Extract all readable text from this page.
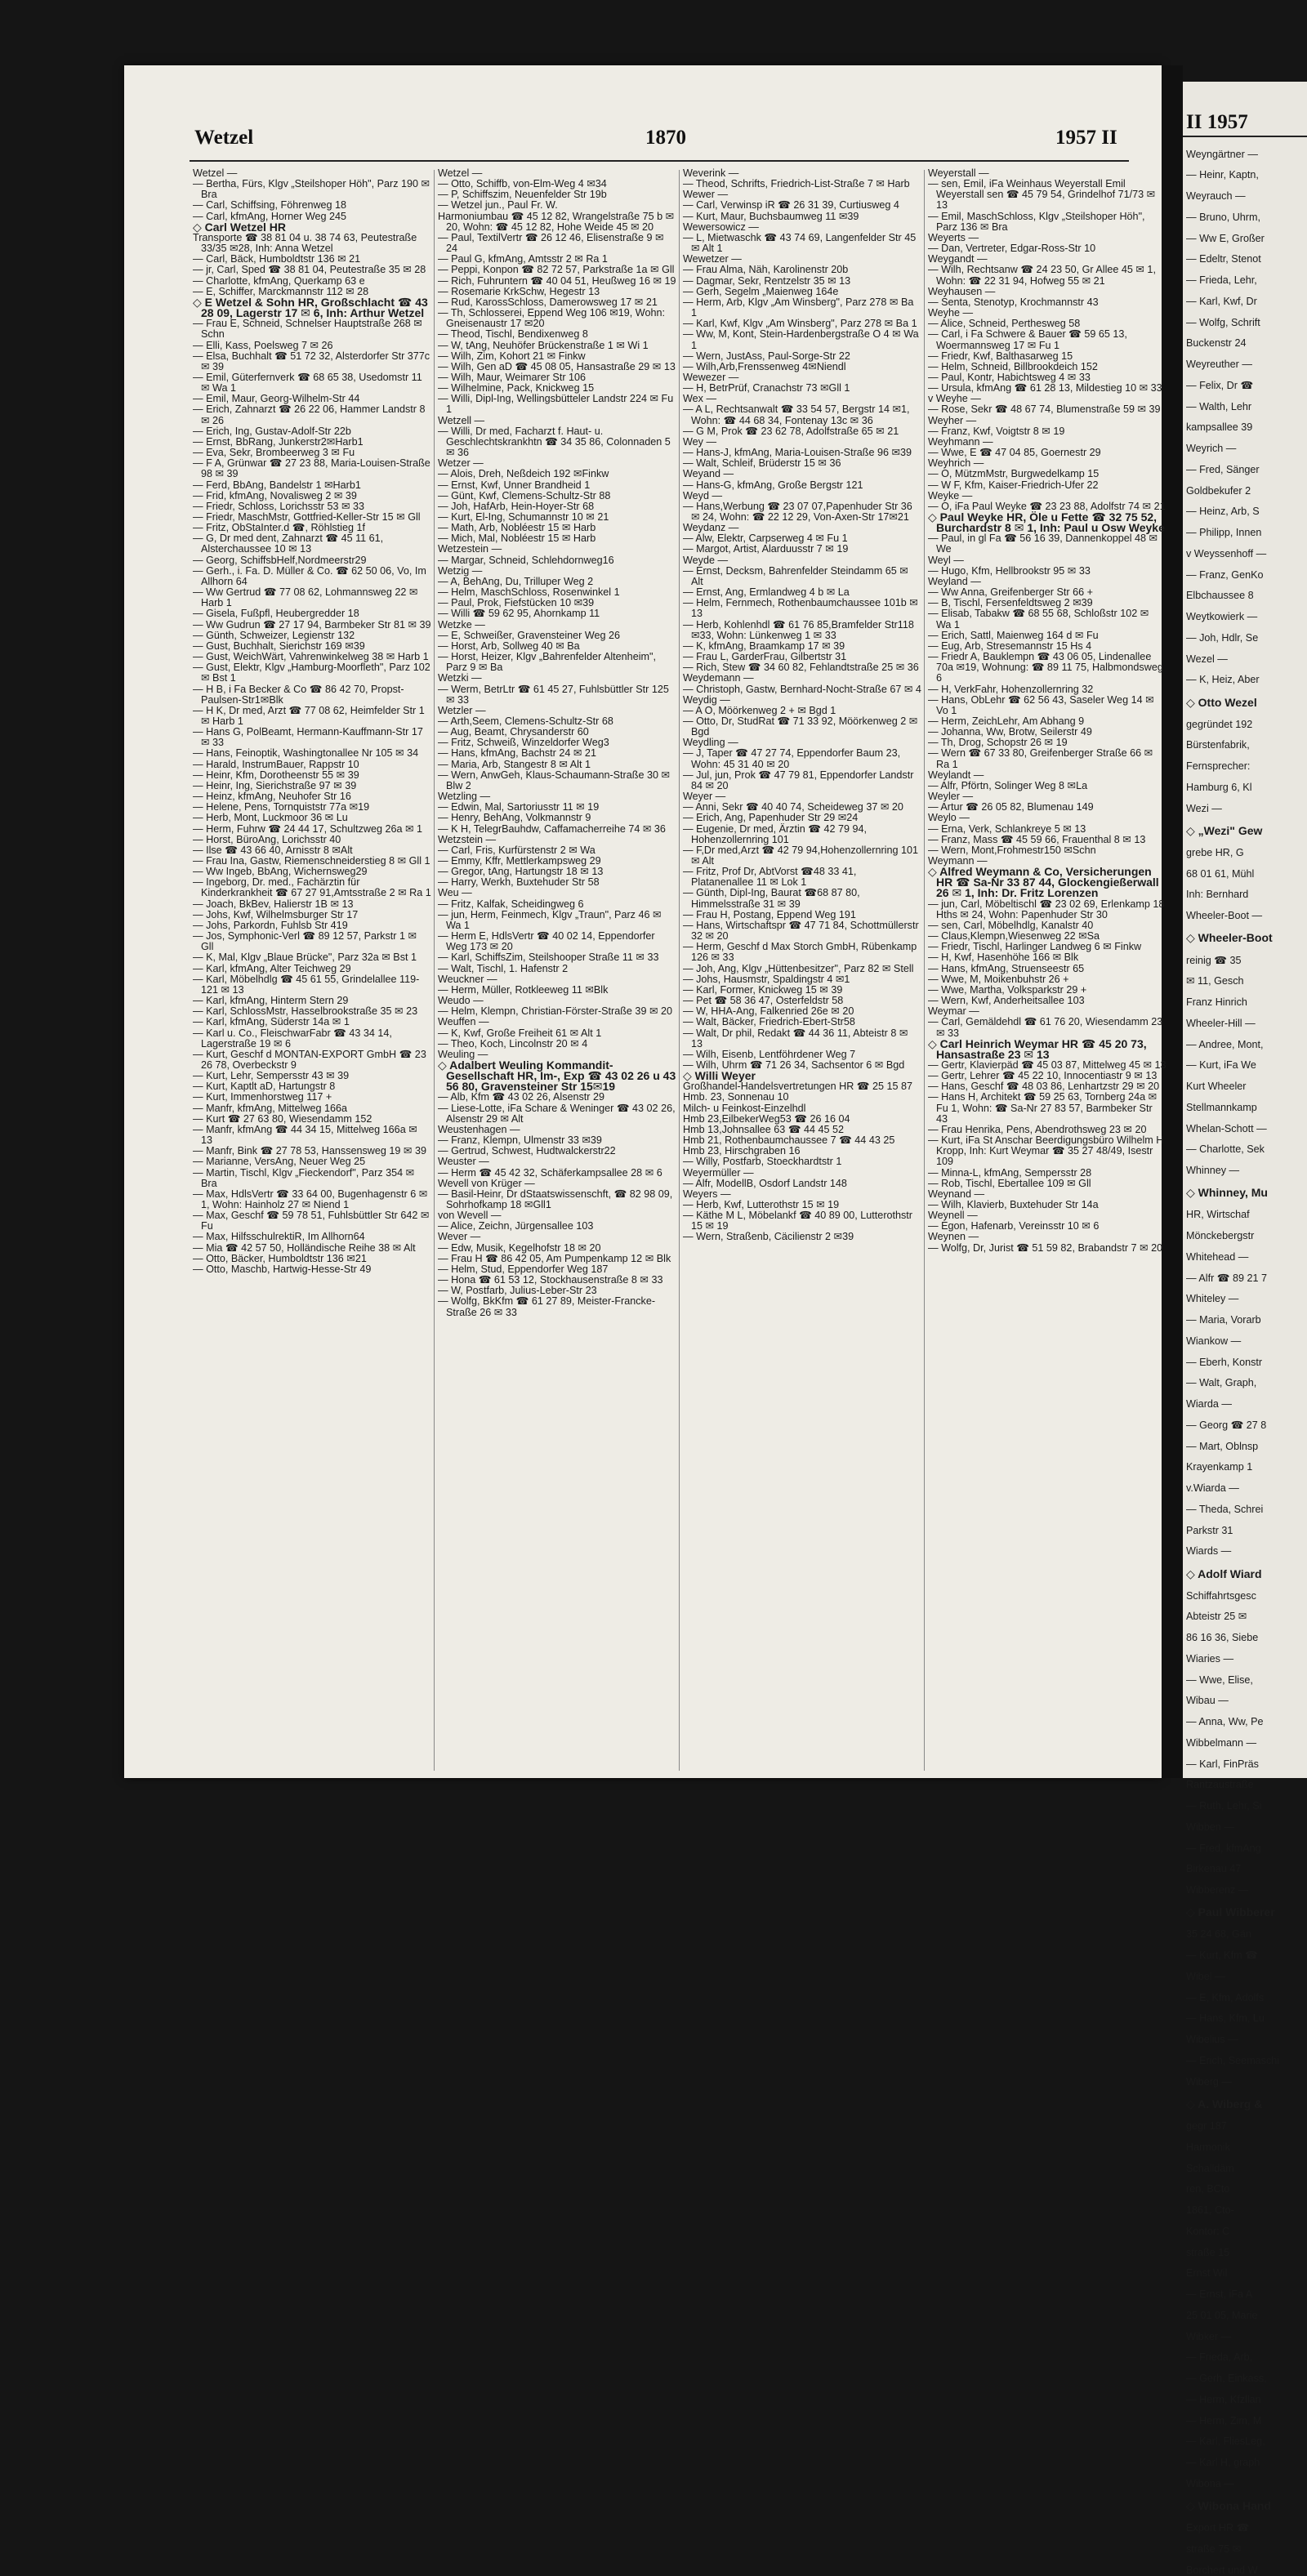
II 1957

Weyngärtner —

— Heinr, Kaptn,

Weyrauch —

— Bruno, Uhrm,

— Ww E, Großer

— Edeltr, Stenot

— Frieda, Lehr,

— Karl, Kwf, Dr

— Wolfg, Schrift

Buckenstr 24

Weyreuther —

— Felix, Dr ☎

— Walth, Lehr

kampsallee 39

Weyrich —

— Fred, Sänger

Goldbekufer 2

— Heinz, Arb, S

— Philipp, Innen

v Weyssenhoff —

— Franz, GenKo

Elbchaussee 8

Weytkowierk —

— Joh, Hdlr, Se

Wezel —

— K, Heiz, Aber

◇ Otto Wezel

gegründet 192

Bürstenfabrik,

Fernsprecher:

Hamburg 6, Kl

Wezi —

◇ „Wezi" Gew

grebe HR, G

68 01 61, Mühl

Inh: Bernhard

Wheeler-Boot —

◇ Wheeler-Boot

reinig ☎ 35

✉ 11, Gesch

Franz Hinrich

Wheeler-Hill —

— Andree, Mont,

— Kurt, iFa We

Kurt Wheeler

Stellmannkamp

Whelan-Schott —

— Charlotte, Sek

Whinney —

◇ Whinney, Mu

HR, Wirtschaf

Mönckebergstr

Whitehead —

— Alfr ☎ 89 21 7

Whiteley —

— Maria, Vorarb

Wiankow —

— Eberh, Konstr

— Walt, Graph,

Wiarda —

— Georg ☎ 27 8

— Mart, Oblnsp

Krayenkamp 1

v.Wiarda —

— Theda, Schrei

Parkstr 31

Wiards —

◇ Adolf Wiard

Schiffahrtsgesc

Abteistr 25 ✉

86 16 36, Siebe

Wiaries —

— Wwe, Elise,

Wibau —

— Anna, Ww, Pe

Wibbelmann —

— Karl, FinPräs

Rantzaustraße

— Ruth, Lehr, Si

Wibben —

— Fred, kfmAng

Birkenau 47

Wibberenz —

◇ Paul Wibberer

35 24 68, Gän

— Kurt, Kfm ☎

Wibel —

— E, Kfm, Adolfs

— Hans, Kfm, Lu

Wibelius —

— Erich, Seemaschi

Wiberg —

◇ A. Wiberg &

gegr 187

Harmonik

Schalldäm

ren, BCto

1861, Cto-

Kontor: C

straße 15

Ernst Wil

— Ernst, iFa A

25 01 05, Marie

Wibker —

— Frieda, Arb,

— Gerh, Einkass,

— Herm, Kfzllan

— Herm, Zim, M

— Karl, FliesLeg,

— Karl H, graph

Wibona —

◇ Wibona Hand

Export HR ☎

straße 75 ✉

Borchert und W

Wetzel	1870	1957 II

Wetzel —

— Bertha, Fürs, Klgv „Steilshoper Höh", Parz 190 ✉ Bra

— Carl, Schiffsing, Föhrenweg 18

— Carl, kfmAng, Horner Weg 245

◇ Carl Wetzel HR

Transporte ☎ 38 81 04 u. 38 74 63, Peutestraße 33/35 ✉28, Inh: Anna Wetzel

— Carl, Bäck, Humboldtstr 136 ✉ 21

— jr, Carl, Sped ☎ 38 81 04, Peutestraße 35 ✉ 28

— Charlotte, kfmAng, Querkamp 63 e

— E, Schiffer, Marckmannstr 112 ✉ 28

◇ E Wetzel & Sohn HR, Großschlacht ☎ 43 28 09, Lagerstr 17 ✉ 6, Inh: Arthur Wetzel

— Frau E, Schneid, Schnelser Hauptstraße 268 ✉ Schn

— Elli, Kass, Poelsweg 7 ✉ 26

— Elsa, Buchhalt ☎ 51 72 32, Alsterdorfer Str 377c ✉ 39

— Emil, Güterfernverk ☎ 68 65 38, Usedomstr 11 ✉ Wa 1

— Emil, Maur, Georg-Wilhelm-Str 44

— Erich, Zahnarzt ☎ 26 22 06, Hammer Landstr 8 ✉ 26

— Erich, Ing, Gustav-Adolf-Str 22b

— Ernst, BbRang, Junkerstr2✉Harb1

— Eva, Sekr, Brombeerweg 3 ✉ Fu

— F A, Grünwar ☎ 27 23 88, Maria-Louisen-Straße 98 ✉ 39

— Ferd, BbAng, Bandelstr 1 ✉Harb1

— Frid, kfmAng, Novalisweg 2 ✉ 39

— Friedr, Schloss, Lorichsstr 53 ✉ 33

— Friedr, MaschMstr, Gottfried-Keller-Str 15 ✉ Gll

— Fritz, ObStaInter.d ☎, Röhlstieg 1f

— G, Dr med dent, Zahnarzt ☎ 45 11 61, Alsterchaussee 10 ✉ 13

— Georg, SchiffsbHelf,Nordmeerstr29

— Gerh., i. Fa. D. Müller & Co. ☎ 62 50 06, Vo, Im Allhorn 64

— Ww Gertrud ☎ 77 08 62, Lohmannsweg 22 ✉ Harb 1

— Gisela, Fußpfl, Heubergredder 18

— Ww Gudrun ☎ 27 17 94, Barmbeker Str 81 ✉ 39

— Günth, Schweizer, Legienstr 132

— Gust, Buchhalt, Sierichstr 169 ✉39

— Gust, WeichWärt, Vahrenwinkelweg 38 ✉ Harb 1

— Gust, Elektr, Klgv „Hamburg-Moorfleth", Parz 102 ✉ Bst 1

— H B, i Fa Becker & Co ☎ 86 42 70, Propst-Paulsen-Str1✉Blk

— H K, Dr med, Arzt ☎ 77 08 62, Heimfelder Str 1 ✉ Harb 1

— Hans G, PolBeamt, Hermann-Kauffmann-Str 17 ✉ 33

— Hans, Feinoptik, Washingtonallee Nr 105 ✉ 34

— Harald, InstrumBauer, Rappstr 10

— Heinr, Kfm, Dorotheenstr 55 ✉ 39

— Heinr, Ing, Sierichstraße 97 ✉ 39

— Heinz, kfmAng, Neuhofer Str 16

— Helene, Pens, Tornquiststr 77a ✉19

— Herb, Mont, Luckmoor 36 ✉ Lu

— Herm, Fuhrw ☎ 24 44 17, Schultzweg 26a ✉ 1

— Horst, BüroAng, Lorichsstr 40

— Ilse ☎ 43 66 40, Arnisstr 8 ✉Alt

— Frau Ina, Gastw, Riemenschneiderstieg 8 ✉ Gll 1

— Ww Ingeb, BbAng, Wichernsweg29

— Ingeborg, Dr. med., Fachärztin für Kinderkrankheit ☎ 67 27 91,Amtsstraße 2 ✉ Ra 1

— Joach, BkBev, Halierstr 1B ✉ 13

— Johs, Kwf, Wilhelmsburger Str 17

— Johs, Parkordn, Fuhlsb Str 419

— Jos, Symphonic-Verl ☎ 89 12 57, Parkstr 1 ✉ Gll

— K, Mal, Klgv „Blaue Brücke", Parz 32a ✉ Bst 1

— Karl, kfmAng, Alter Teichweg 29

— Karl, Möbelhdlg ☎ 45 61 55, Grindelallee 119-121 ✉ 13

— Karl, kfmAng, Hinterm Stern 29

— Karl, SchlossMstr, Hasselbrookstraße 35 ✉ 23

— Karl, kfmAng, Süderstr 14a ✉ 1

— Karl u. Co., FleischwarFabr ☎ 43 34 14, Lagerstraße 19 ✉ 6

— Kurt, Geschf d MONTAN-EXPORT GmbH ☎ 23 26 78, Overbeckstr 9

— Kurt, Lehr, Sempersstr 43 ✉ 39

— Kurt, Kaptlt aD, Hartungstr 8

— Kurt, Immenhorstweg 117 +

— Manfr, kfmAng, Mittelweg 166a

— Kurt ☎ 27 63 80, Wiesendamm 152

— Manfr, kfmAng ☎ 44 34 15, Mittelweg 166a ✉ 13

— Manfr, Bink ☎ 27 78 53, Hanssensweg 19 ✉ 39

— Marianne, VersAng, Neuer Weg 25

— Martin, Tischl, Klgv „Fieckendorf", Parz 354 ✉ Bra

— Max, HdlsVertr ☎ 33 64 00, Bugenhagenstr 6 ✉ 1, Wohn: Hainholz 27 ✉ Niend 1

— Max, Geschf ☎ 59 78 51, Fuhlsbüttler Str 642 ✉ Fu

— Max, HilfsschulrektiR, Im Allhorn64

— Mia ☎ 42 57 50, Holländische Reihe 38 ✉ Alt

— Otto, Bäcker, Humboldtstr 136 ✉21

— Otto, Maschb, Hartwig-Hesse-Str 49

Wetzel —

— Otto, Schiffb, von-Elm-Weg 4 ✉34

— P, Schiffszim, Neuenfelder Str 19b

— Wetzel jun., Paul Fr. W.

Harmoniumbau ☎ 45 12 82, Wrangelstraße 75 b ✉ 20, Wohn: ☎ 45 12 82, Hohe Weide 45 ✉ 20

— Paul, TextilVertr ☎ 26 12 46, Elisenstraße 9 ✉ 24

— Paul G, kfmAng, Amtsstr 2 ✉ Ra 1

— Peppi, Konpon ☎ 82 72 57, Parkstraße 1a ✉ Gll

— Rich, Fuhruntern ☎ 40 04 51, Heußweg 16 ✉ 19

— Rosemarie KrkSchw, Hegestr 13

— Rud, KarossSchloss, Damerowsweg 17 ✉ 21

— Th, Schlosserei, Eppend Weg 106 ✉19, Wohn: Gneisenaustr 17 ✉20

— Theod, Tischl, Bendixenweg 8

— W, tAng, Neuhöfer Brückenstraße 1 ✉ Wi 1

— Wilh, Zim, Kohort 21 ✉ Finkw

— Wilh, Gen aD ☎ 45 08 05, Hansastraße 29 ✉ 13

— Wilh, Maur, Weimarer Str 106

— Wilhelmine, Pack, Knickweg 15

— Willi, Dipl-Ing, Wellingsbütteler Landstr 224 ✉ Fu 1

Wetzell —

— Willi, Dr med, Facharzt f. Haut- u. Geschlechtskrankhtn ☎ 34 35 86, Colonnaden 5 ✉ 36

Wetzer —

— Alois, Dreh, Neßdeich 192 ✉Finkw

— Ernst, Kwf, Unner Brandheid 1

— Günt, Kwf, Clemens-Schultz-Str 88

— Joh, HafArb, Hein-Hoyer-Str 68

— Kurt, El-Ing, Schumannstr 10 ✉ 21

— Math, Arb, Nobléestr 15 ✉ Harb

— Mich, Mal, Nobléestr 15 ✉ Harb

Wetzestein —

— Margar, Schneid, Schlehdornweg16

Wetzig —

— A, BehAng, Du, Trilluper Weg 2

— Helm, MaschSchloss, Rosenwinkel 1

— Paul, Prok, Fiefstücken 10 ✉39

— Willi ☎ 59 62 95, Ahornkamp 11

Wetzke —

— E, Schweißer, Gravensteiner Weg 26

— Horst, Arb, Sollweg 40 ✉ Ba

— Horst, Heizer, Klgv „Bahrenfelder Altenheim", Parz 9 ✉ Ba

Wetzki —

— Werm, BetrLtr ☎ 61 45 27, Fuhlsbüttler Str 125 ✉ 33

Wetzler —

— Arth,Seem, Clemens-Schultz-Str 68

— Aug, Beamt, Chrysanderstr 60

— Fritz, Schweiß, Winzeldorfer Weg3

— Hans, kfmAng, Bachstr 24 ✉ 21

— Maria, Arb, Stangestr 8 ✉ Alt 1

— Wern, AnwGeh, Klaus-Schaumann-Straße 30 ✉ Blw 2

Wetzling —

— Edwin, Mal, Sartoriusstr 11 ✉ 19

— Henry, BehAng, Volkmannstr 9

— K H, TelegrBauhdw, Caffamacherreihe 74 ✉ 36

Wetzstein —

— Carl, Fris, Kurfürstenstr 2 ✉ Wa

— Emmy, Kffr, Mettlerkampsweg 29

— Gregor, tAng, Hartungstr 18 ✉ 13

— Harry, Werkh, Buxtehuder Str 58

Weu —

— Fritz, Kalfak, Scheidingweg 6

— jun, Herm, Feinmech, Klgv „Traun", Parz 46 ✉ Wa 1

— Herm E, HdlsVertr ☎ 40 02 14, Eppendorfer Weg 173 ✉ 20

— Karl, SchiffsZim, Steilshooper Straße 11 ✉ 33

— Walt, Tischl, 1. Hafenstr 2

Weuckner —

— Herm, Müller, Rotkleeweg 11 ✉Blk

Weudo —

— Helm, Klempn, Christian-Förster-Straße 39 ✉ 20

Weuffen —

— K, Kwf, Große Freiheit 61 ✉ Alt 1

— Theo, Koch, Lincolnstr 20 ✉ 4

Weuling —

◇ Adalbert Weuling Kommandit-Gesellschaft HR, Im-, Exp ☎ 43 02 26 u 43 56 80, Gravensteiner Str 15✉19

— Alb, Kfm ☎ 43 02 26, Alsenstr 29

— Liese-Lotte, iFa Schare & Weninger ☎ 43 02 26, Alsenstr 29 ✉ Alt

Weustenhagen —

— Franz, Klempn, Ulmenstr 33 ✉39

— Gertrud, Schwest, Hudtwalckerstr22

Weuster —

— Herm ☎ 45 42 32, Schäferkampsallee 28 ✉ 6

Wevell von Krüger —

— Basil-Heinr, Dr dStaatswissenschft, ☎ 82 98 09, Sohrhofkamp 18 ✉Gll1

von Wevell —

— Alice, Zeichn, Jürgensallee 103

Wever —

— Edw, Musik, Kegelhofstr 18 ✉ 20

— Frau H ☎ 86 42 05, Am Pumpenkamp 12 ✉ Blk

— Helm, Stud, Eppendorfer Weg 187

— Hona ☎ 61 53 12, Stockhausenstraße 8 ✉ 33

— W, Postfarb, Julius-Leber-Str 23

— Wolfg, BkKfm ☎ 61 27 89, Meister-Francke-Straße 26 ✉ 33

Weverink —

— Theod, Schrifts, Friedrich-List-Straße 7 ✉ Harb

Wewer —

— Carl, Verwinsp iR ☎ 26 31 39, Curtiusweg 4

— Kurt, Maur, Buchsbaumweg 11 ✉39

Wewersowicz —

— L, Mietwaschk ☎ 43 74 69, Langenfelder Str 45 ✉ Alt 1

Wewetzer —

— Frau Alma, Näh, Karolinenstr 20b

— Dagmar, Sekr, Rentzelstr 35 ✉ 13

— Gerh, Segelm „Maienweg 164e

— Herm, Arb, Klgv „Am Winsberg", Parz 278 ✉ Ba 1

— Karl, Kwf, Klgv „Am Winsberg", Parz 278 ✉ Ba 1

— Ww, M, Kont, Stein-Hardenbergstraße O 4 ✉ Wa 1

— Wern, JustAss, Paul-Sorge-Str 22

— Wilh,Arb,Frenssenweg 4✉Niendl

Wewezer —

— H, BetrPrüf, Cranachstr 73 ✉Gll 1

Wex —

— A L, Rechtsanwalt ☎ 33 54 57, Bergstr 14 ✉1, Wohn: ☎ 44 68 34, Fontenay 13c ✉ 36

— G M, Prok ☎ 23 62 78, Adolfstraße 65 ✉ 21

Wey —

— Hans-J, kfmAng, Maria-Louisen-Straße 96 ✉39

— Walt, Schleif, Brüderstr 15 ✉ 36

Weyand —

— Hans-G, kfmAng, Große Bergstr 121

Weyd —

— Hans,Werbung ☎ 23 07 07,Papenhuder Str 36 ✉ 24, Wohn: ☎ 22 12 29, Von-Axen-Str 17✉21

Weydanz —

— Alw, Elektr, Carpserweg 4 ✉ Fu 1

— Margot, Artist, Alarduusstr 7 ✉ 19

Weyde —

— Ernst, Decksm, Bahrenfelder Steindamm 65 ✉ Alt

— Ernst, Ang, Ermlandweg 4 b ✉ La

— Helm, Fernmech, Rothenbaumchaussee 101b ✉ 13

— Herb, Kohlenhdl ☎ 61 76 85,Bramfelder Str118 ✉33, Wohn: Lünkenweg 1 ✉ 33

— K, kfmAng, Braamkamp 17 ✉ 39

— Frau L, GarderFrau, Gilbertstr 31

— Rich, Stew ☎ 34 60 82, Fehlandtstraße 25 ✉ 36

Weydemann —

— Christoph, Gastw, Bernhard-Nocht-Straße 67 ✉ 4

Weydig —

— A O, Möörkenweg 2 + ✉ Bgd 1

— Otto, Dr, StudRat ☎ 71 33 92, Möörkenweg 2 ✉ Bgd

Weydling —

— J, Taper ☎ 47 27 74, Eppendorfer Baum 23, Wohn: 45 31 40 ✉ 20

— Jul, jun, Prok ☎ 47 79 81, Eppendorfer Landstr 84 ✉ 20

Weyer —

— Anni, Sekr ☎ 40 40 74, Scheideweg 37 ✉ 20

— Erich, Ang, Papenhuder Str 29 ✉24

— Eugenie, Dr med, Ärztin ☎ 42 79 94, Hohenzollernring 101

— F,Dr med,Arzt ☎ 42 79 94,Hohenzollernring 101 ✉ Alt

— Fritz, Prof Dr, AbtVorst ☎48 33 41, Platanenallee 11 ✉ Lok 1

— Günth, Dipl-Ing, Baurat ☎68 87 80, Himmelsstraße 31 ✉ 39

— Frau H, Postang, Eppend Weg 191

— Hans, Wirtschaftspr ☎ 47 71 84, Schottmüllerstr 32 ✉ 20

— Herm, Geschf d Max Storch GmbH, Rübenkamp 126 ✉ 33

— Joh, Ang, Klgv „Hüttenbesitzer", Parz 82 ✉ Stell

— Johs, Hausmstr, Spaldingstr 4 ✉1

— Karl, Former, Knickweg 15 ✉ 39

— Pet ☎ 58 36 47, Osterfeldstr 58

— W, HHA-Ang, Falkenried 26e ✉ 20

— Walt, Bäcker, Friedrich-Ebert-Str58

— Walt, Dr phil, Redakt ☎ 44 36 11, Abteistr 8 ✉ 13

— Wilh, Eisenb, Lentföhrdener Weg 7

— Wilh, Uhrm ☎ 71 26 34, Sachsentor 6 ✉ Bgd

◇ Willi Weyer

Großhandel-Handelsvertretungen HR ☎ 25 15 87

Hmb. 23, Sonnenau 10

Milch- u Feinkost-Einzelhdl

Hmb 23,EilbekerWeg53 ☎ 26 16 04

Hmb 13,Johnsallee 63 ☎ 44 45 52

Hmb 21, Rothenbaumchaussee 7 ☎ 44 43 25

Hmb 23, Hirschgraben 16

— Willy, Postfarb, Stoeckhardtstr 1

Weyermüller —

— Alfr, ModellB, Osdorf Landstr 148

Weyers —

— Herb, Kwf, Lutterothstr 15 ✉ 19

— Käthe M L, Möbelankf ☎ 40 89 00, Lutterothstr 15 ✉ 19

— Wern, Straßenb, Cäcilienstr 2 ✉39

Weyerstall —

— sen, Emil, iFa Weinhaus Weyerstall Emil Weyerstall sen ☎ 45 79 54, Grindelhof 71/73 ✉ 13

— Emil, MaschSchloss, Klgv „Steilshoper Höh", Parz 136 ✉ Bra

Weyerts —

— Dan, Vertreter, Edgar-Ross-Str 10

Weygandt —

— Wilh, Rechtsanw ☎ 24 23 50, Gr Allee 45 ✉ 1, Wohn: ☎ 22 31 94, Hofweg 55 ✉ 21

Weyhausen —

— Senta, Stenotyp, Krochmannstr 43

Weyhe —

— Alice, Schneid, Perthesweg 58

— Carl, i Fa Schwere & Bauer ☎ 59 65 13, Woermannsweg 17 ✉ Fu 1

— Friedr, Kwf, Balthasarweg 15

— Helm, Schneid, Billbrookdeich 152

— Paul, Kontr, Habichtsweg 4 ✉ 33

— Ursula, kfmAng ☎ 61 28 13, Mildestieg 10 ✉ 33

v Weyhe —

— Rose, Sekr ☎ 48 67 74, Blumenstraße 59 ✉ 39

Weyher —

— Franz, Kwf, Voigtstr 8 ✉ 19

Weyhmann —

— Wwe, E ☎ 47 04 85, Goernestr 29

Weyhrich —

— O, MützmMstr, Burgwedelkamp 15

— W F, Kfm, Kaiser-Friedrich-Ufer 22

Weyke —

— O, iFa Paul Weyke ☎ 23 23 88, Adolfstr 74 ✉ 21

◇ Paul Weyke HR, Öle u Fette ☎ 32 75 52, Burchardstr 8 ✉ 1, Inh: Paul u Osw Weyke

— Paul, in gl Fa ☎ 56 16 39, Dannenkoppel 48 ✉ We

Weyl —

— Hugo, Kfm, Hellbrookstr 95 ✉ 33

Weyland —

— Ww Anna, Greifenberger Str 66 +

— B, Tischl, Fersenfeldtsweg 2 ✉39

— Elisab, Tabakw ☎ 68 55 68, Schloßstr 102 ✉ Wa 1

— Erich, Sattl, Maienweg 164 d ✉ Fu

— Eug, Arb, Stresemannstr 15 Hs 4

— Friedr A, Bauklempn ☎ 43 06 05, Lindenallee 70a ✉19, Wohnung: ☎ 89 11 75, Halbmondsweg 6

— H, VerkFahr, Hohenzollernring 32

— Hans, ObLehr ☎ 62 56 43, Saseler Weg 14 ✉ Vo 1

— Herm, ZeichLehr, Am Abhang 9

— Johanna, Ww, Brotw, Seilerstr 49

— Th, Drog, Schopstr 26 ✉ 19

— Wern ☎ 67 33 80, Greifenberger Straße 66 ✉ Ra 1

Weylandt —

— Alfr, Pförtn, Solinger Weg 8 ✉La

Weyler —

— Artur ☎ 26 05 82, Blumenau 149

Weylo —

— Erna, Verk, Schlankreye 5 ✉ 13

— Franz, Mass ☎ 45 59 66, Frauenthal 8 ✉ 13

— Wern, Mont,Frohmestr150 ✉Schn

Weymann —

◇ Alfred Weymann & Co, Versicherungen HR ☎ Sa-Nr 33 87 44, Glockengießerwall 26 ✉ 1, Inh: Dr. Fritz Lorenzen

— jun, Carl, Möbeltischl ☎ 23 02 69, Erlenkamp 18 Hths ✉ 24, Wohn: Papenhuder Str 30

— sen, Carl, Möbelhdlg, Kanalstr 40

— Claus,Klempn,Wiesenweg 22 ✉Sa

— Friedr, Tischl, Harlinger Landweg 6 ✉ Finkw

— H, Kwf, Hasenhöhe 166 ✉ Blk

— Hans, kfmAng, Struenseestr 65

— Wwe, M, Moikenbuhstr 26 +

— Wwe, Martha, Volksparkstr 29 +

— Wern, Kwf, Anderheitsallee 103

Weymar —

— Carl, Gemäldehdl ☎ 61 76 20, Wiesendamm 23 ✉ 33

◇ Carl Heinrich Weymar HR ☎ 45 20 73, Hansastraße 23 ✉ 13

— Gertr, Klavierpäd ☎ 45 03 87, Mittelweg 45 ✉ 13

— Gertr, Lehrer ☎ 45 22 10, Innocentiastr 9 ✉ 13

— Hans, Geschf ☎ 48 03 86, Lenhartzstr 29 ✉ 20

— Hans H, Architekt ☎ 59 25 63, Tornberg 24a ✉ Fu 1, Wohn: ☎ Sa-Nr 27 83 57, Barmbeker Str 43

— Frau Henrika, Pens, Abendrothsweg 23 ✉ 20

— Kurt, iFa St Anschar Beerdigungsbüro Wilhelm H Kropp, Inh: Kurt Weymar ☎ 35 27 48/49, Isestr 109

— Minna-L, kfmAng, Sempersstr 28

— Rob, Tischl, Ebertallee 109 ✉ Gll

Weynand —

— Wilh, Klavierb, Buxtehuder Str 14a

Weynell —

— Egon, Hafenarb, Vereinsstr 10 ✉ 6

Weynen —

— Wolfg, Dr, Jurist ☎ 51 59 82, Brabandstr 7 ✉ 20
